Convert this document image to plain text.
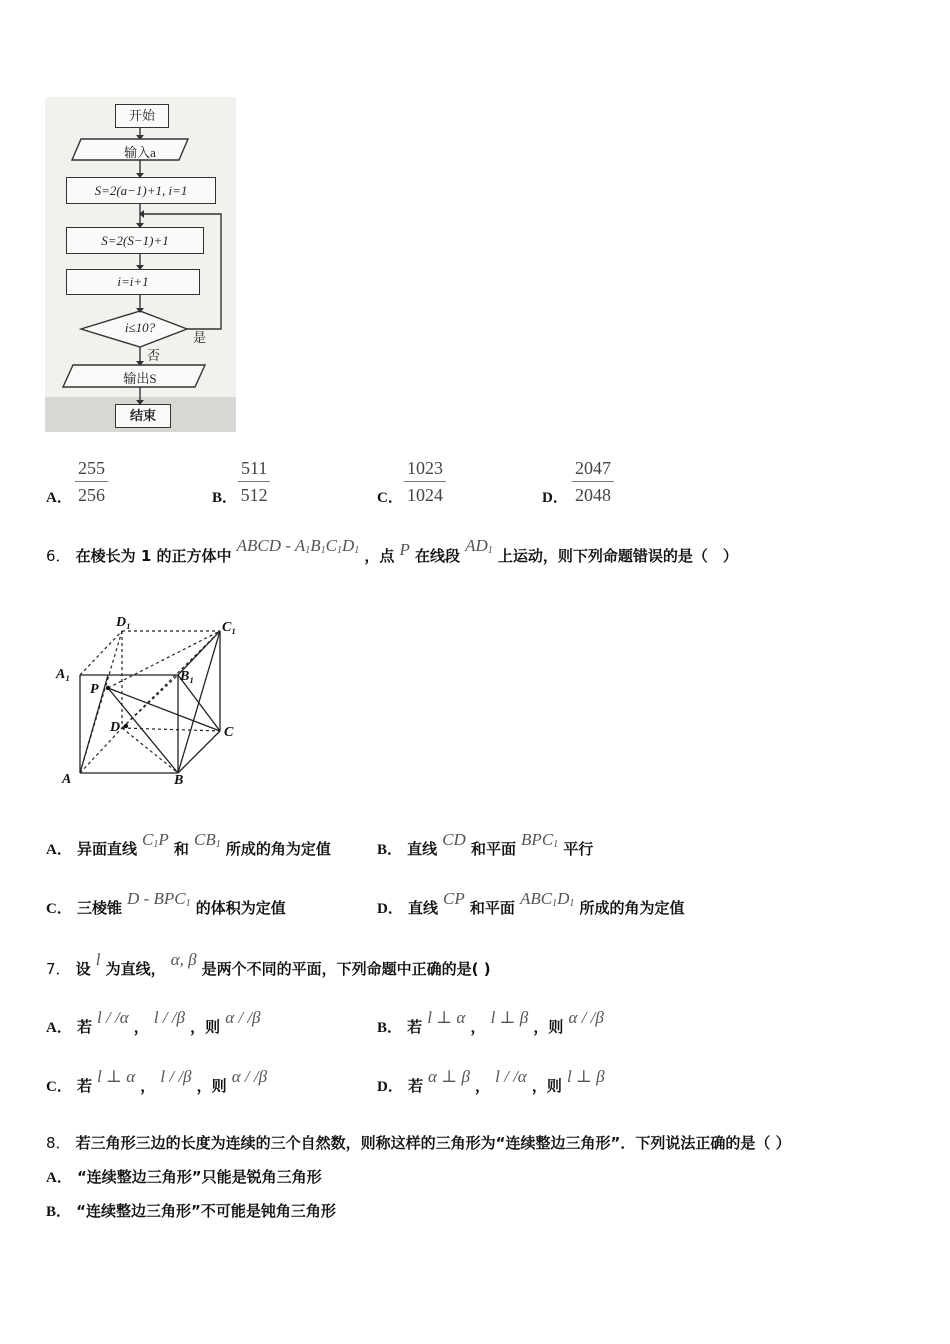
开始
输入a
S=2(a−1)+1, i=1
S=2(S−1)+1
i=i+1
i≤10?
是
否
输出S
结束
A． $\frac{255}{256}$	B． $\frac{511}{512}$	C． $\frac{1023}{1024}$	D． $\frac{2047}{2048}$
6． 在棱长为 1 的正方体中 ABCD - $A_1B_1C_1D_1$ ，点 P 在线段 $AD_1$ 上运动，则下列命题错误的是（　）
D₁	C₁
A₁	B₁
P
D	C
A	B
A． 异面直线 $C_1P$ 和 $CB_1$ 所成的角为定值	B． 直线 CD 和平面 $BPC_1$ 平行
C． 三棱锥 D - $BPC_1$ 的体积为定值	D． 直线 CP 和平面 $ABC_1D_1$ 所成的角为定值
7． 设 l 为直线， α, β 是两个不同的平面，下列命题中正确的是( )
A． 若 l / /α ， l / /β ，则 α / /β
B． 若 l ⊥ α ， l ⊥ β ，则 α / /β
C． 若 l ⊥ α ， l / /β ，则 α / /β
D． 若 α ⊥ β ， l / /α ，则 l ⊥ β
8． 若三角形三边的长度为连续的三个自然数，则称这样的三角形为“连续整边三角形”．下列说法正确的是（ ）
A． “连续整边三角形”只能是锐角三角形
B． “连续整边三角形”不可能是钝角三角形
